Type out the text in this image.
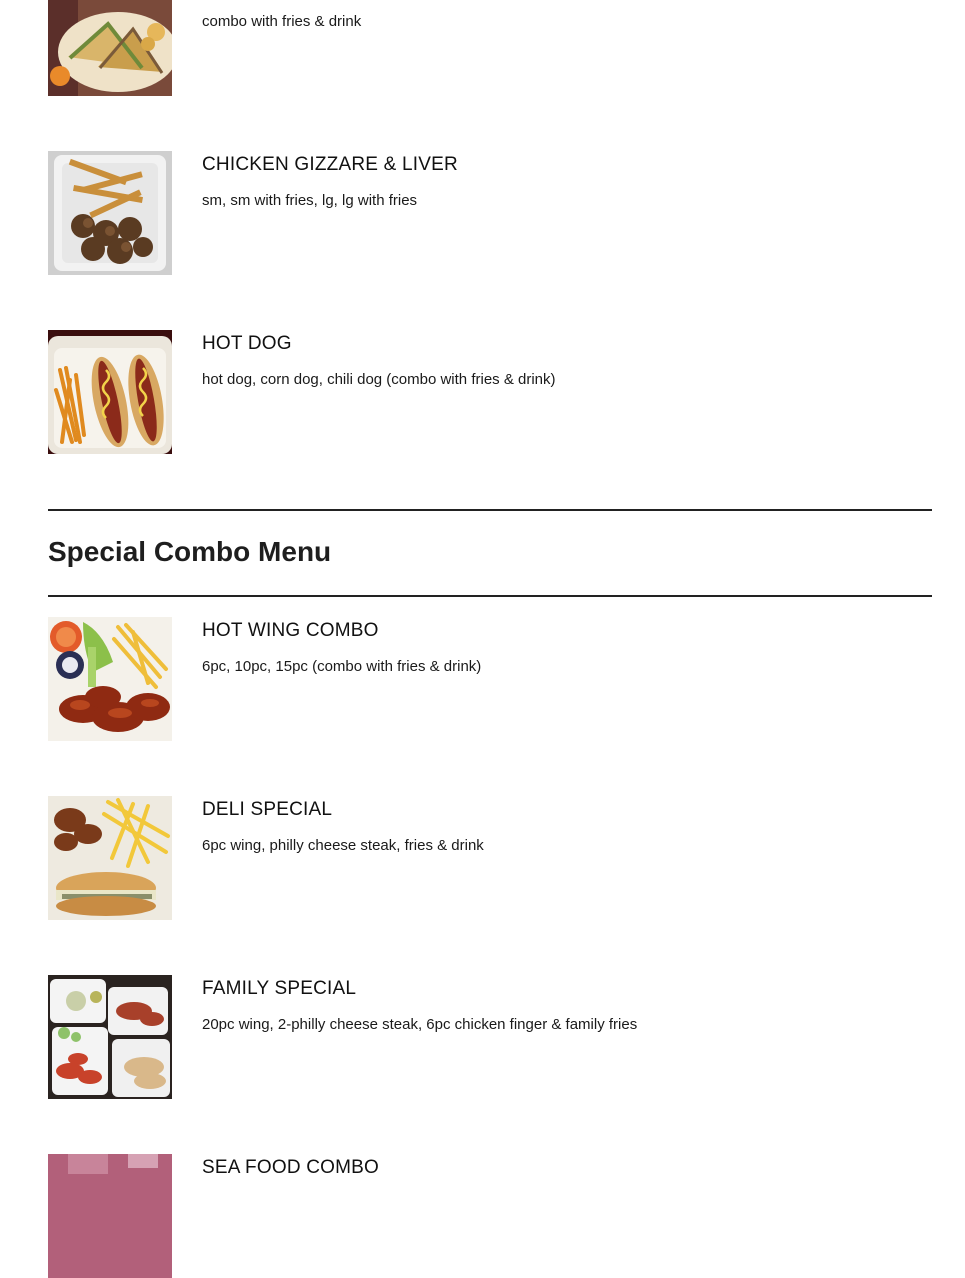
combo with fries & drink
CHICKEN GIZZARE & LIVER
sm, sm with fries, lg, lg with fries
HOT DOG
hot dog, corn dog, chili dog (combo with fries & drink)
Special Combo Menu
HOT WING COMBO
6pc, 10pc, 15pc (combo with fries & drink)
DELI SPECIAL
6pc wing, philly cheese steak, fries & drink
FAMILY SPECIAL
20pc wing, 2-philly cheese steak, 6pc chicken finger & family fries
SEA FOOD COMBO
